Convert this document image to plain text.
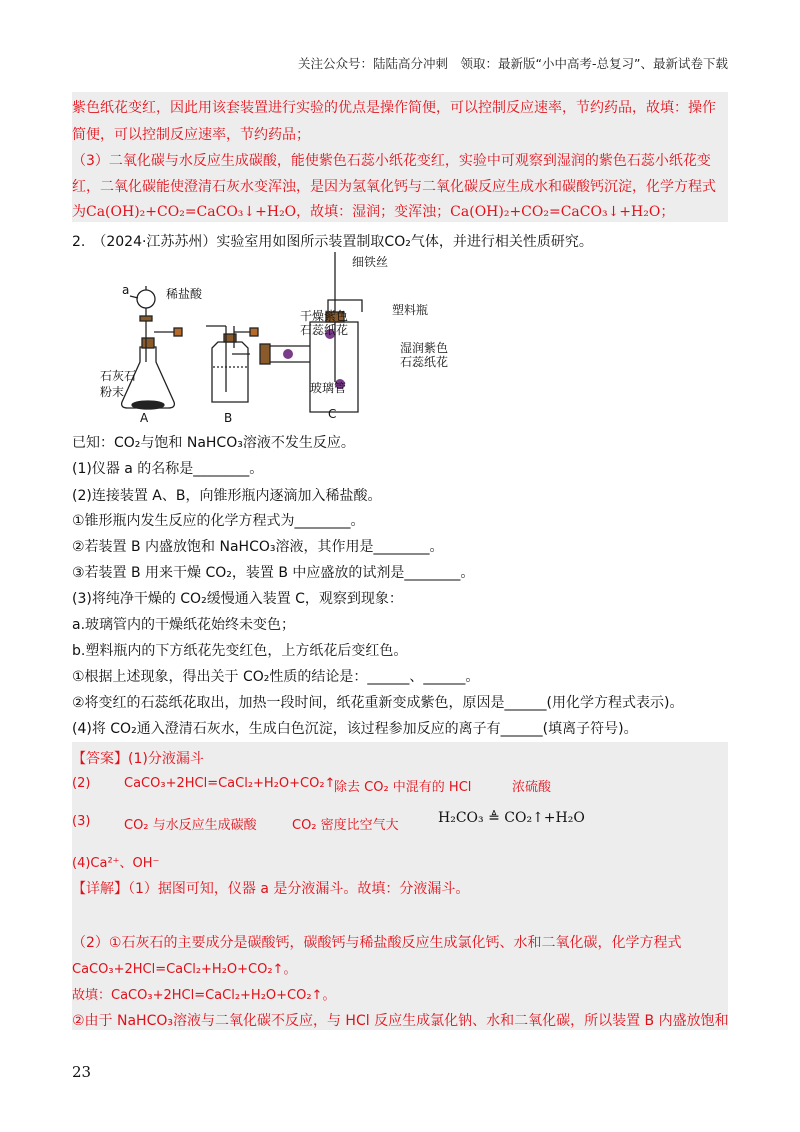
关注公众号：陆陆高分冲刺　领取：最新版“小中高考-总复习”、最新试卷下载
紫色纸花变红，因此用该套装置进行实验的优点是操作简便，可以控制反应速率，节约药品，故填：操作
简便，可以控制反应速率，节约药品；
（3）二氧化碳与水反应生成碳酸，能使紫色石蕊小纸花变红，实验中可观察到湿润的紫色石蕊小纸花变
红，二氧化碳能使澄清石灰水变浑浊，是因为氢氧化钙与二氧化碳反应生成水和碳酸钙沉淀，化学方程式
为Ca(OH)₂+CO₂=CaCO₃↓+H₂O，故填：湿润；变浑浊；Ca(OH)₂+CO₂=CaCO₃↓+H₂O；
2.　（2024·江苏苏州）实验室用如图所示装置制取CO₂气体，并进行相关性质研究。
a	稀盐酸
石灰石
粉末
A	B	C
细铁丝
塑料瓶
干燥紫色
石蕊纸花
湿润紫色
石蕊纸花
玻璃管
已知：CO₂与饱和 NaHCO₃溶液不发生反应。
(1)仪器 a 的名称是________。
(2)连接装置 A、B，向锥形瓶内逐滴加入稀盐酸。
①锥形瓶内发生反应的化学方程式为________。
②若装置 B 内盛放饱和 NaHCO₃溶液，其作用是________。
③若装置 B 用来干燥 CO₂，装置 B 中应盛放的试剂是________。
(3)将纯净干燥的 CO₂缓慢通入装置 C，观察到现象：
a.玻璃管内的干燥纸花始终未变色；
b.塑料瓶内的下方纸花先变红色，上方纸花后变红色。
①根据上述现象，得出关于 CO₂性质的结论是：______、______。
②将变红的石蕊纸花取出，加热一段时间，纸花重新变成紫色，原因是______(用化学方程式表示)。
(4)将 CO₂通入澄清石灰水，生成白色沉淀，该过程参加反应的离子有______(填离子符号)。
【答案】(1)分液漏斗
(2)	CaCO₃+2HCl=CaCl₂+H₂O+CO₂↑
除去 CO₂ 中混有的 HCl	浓硫酸
(3)	CO₂ 与水反应生成碳酸	CO₂ 密度比空气大	H₂CO₃ ≜ CO₂↑+H₂O
(4)Ca²⁺、OH⁻
【详解】（1）据图可知，仪器 a 是分液漏斗。故填：分液漏斗。
（2）①石灰石的主要成分是碳酸钙，碳酸钙与稀盐酸反应生成氯化钙、水和二氧化碳，化学方程式
CaCO₃+2HCl=CaCl₂+H₂O+CO₂↑。
故填：CaCO₃+2HCl=CaCl₂+H₂O+CO₂↑。
②由于 NaHCO₃溶液与二氧化碳不反应，与 HCl 反应生成氯化钠、水和二氧化碳，所以装置 B 内盛放饱和
23
